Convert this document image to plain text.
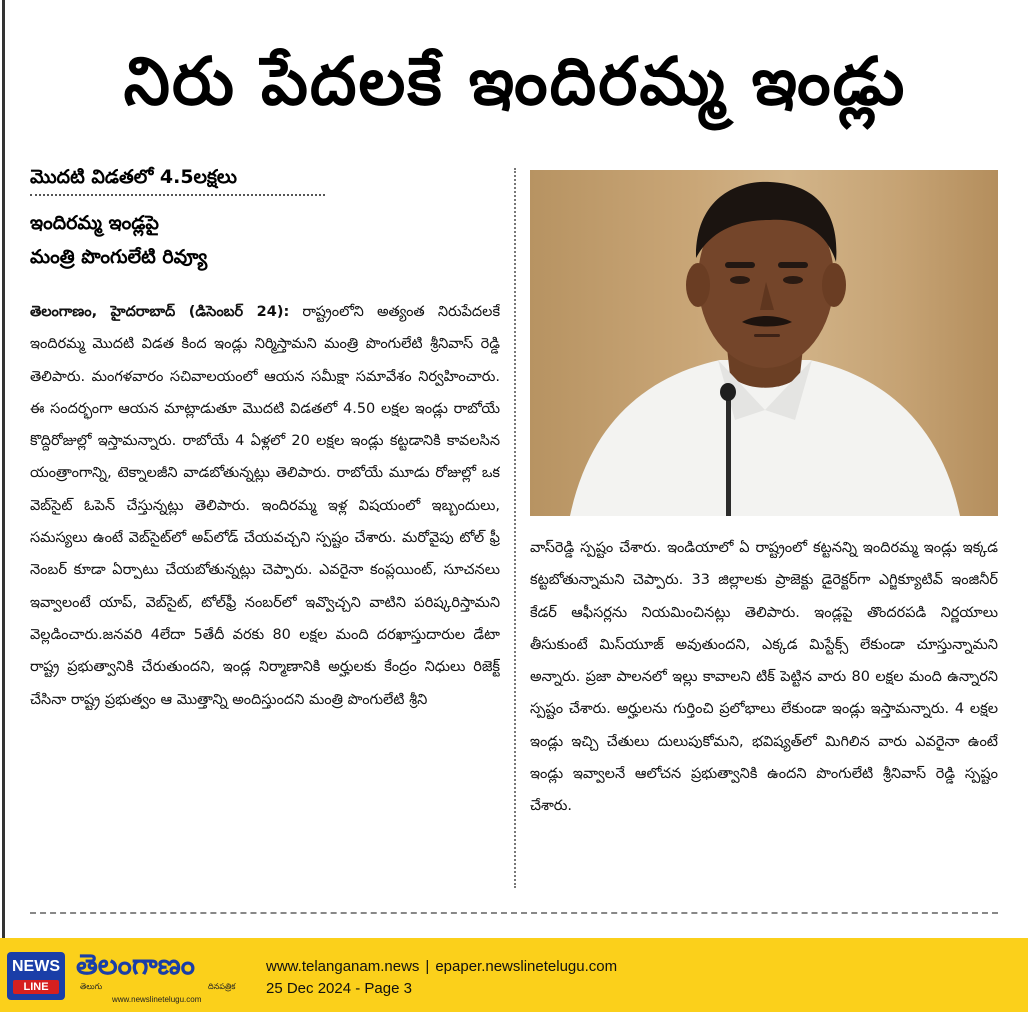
నిరు పేదలకే ఇందిరమ్మ ఇండ్లు
మొదటి విడతలో 4.5లక్షలు
ఇందిరమ్మ ఇండ్లపై
మంత్రి పొంగులేటి రివ్యూ
తెలంగాణం, హైదరాబాద్ (డిసెంబర్ 24): రాష్ట్రంలోని అత్యంత నిరుపేదలకే ఇందిరమ్మ మొదటి విడత కింద ఇండ్లు నిర్మిస్తామని మంత్రి పొంగులేటి శ్రీనివాస్ రెడ్డి తెలిపారు. మంగళవారం సచివాలయంలో ఆయన సమీక్షా సమావేశం నిర్వహించారు. ఈ సందర్భంగా ఆయన మాట్లాడుతూ మొదటి విడతలో 4.50 లక్షల ఇండ్లు రాబోయే కొద్దిరోజుల్లో ఇస్తామన్నారు. రాబోయే 4 ఏళ్లలో 20 లక్షల ఇండ్లు కట్టడానికి కావలసిన యంత్రాంగాన్ని, టెక్నాలజీని వాడబోతున్నట్లు తెలిపారు. రాబోయే మూడు రోజుల్లో ఒక వెబ్‌సైట్ ఓపెన్ చేస్తున్నట్లు తెలిపారు. ఇందిరమ్మ ఇళ్ల విషయంలో ఇబ్బందులు, సమస్యలు ఉంటే వెబ్‌సైట్‌లో అప్‌లోడ్ చేయవచ్చని స్పష్టం చేశారు. మరోవైపు టోల్ ఫ్రీ నెంబర్ కూడా ఏర్పాటు చేయబోతున్నట్లు చెప్పారు. ఎవరైనా కంప్లయింట్, సూచనలు ఇవ్వాలంటే యాప్, వెబ్‌సైట్, టోల్‌ఫ్రీ నంబర్‌లో ఇవ్వొచ్చని వాటిని పరిష్కరిస్తామని వెల్లడించారు.జనవరి 4లేదా 5తేదీ వరకు 80 లక్షల మంది దరఖాస్తుదారుల డేటా రాష్ట్ర ప్రభుత్వానికి చేరుతుందని, ఇండ్ల నిర్మాణానికి అర్హులకు కేంద్రం నిధులు రిజెక్ట్ చేసినా రాష్ట్ర ప్రభుత్వం ఆ మొత్తాన్ని అందిస్తుందని మంత్రి పొంగులేటి శ్రీని
వాస్‌రెడ్డి స్పష్టం చేశారు. ఇండియాలో ఏ రాష్ట్రంలో కట్టనన్ని ఇందిరమ్మ ఇండ్లు ఇక్కడ కట్టబోతున్నామని చెప్పారు. 33 జిల్లాలకు ప్రాజెక్టు డైరెక్టర్‌గా ఎగ్జిక్యూటివ్ ఇంజినీర్ కేడర్ ఆఫీసర్లను నియమించినట్లు తెలిపారు. ఇండ్లపై తొందరపడి నిర్ణయాలు తీసుకుంటే మిస్‌యూజ్ అవుతుందని, ఎక్కడ మిస్టేక్స్ లేకుండా చూస్తున్నామని అన్నారు. ప్రజా పాలనలో ఇల్లు కావాలని టిక్ పెట్టిన వారు 80 లక్షల మంది ఉన్నారని స్పష్టం చేశారు. అర్హులను గుర్తించి ప్రలోభాలు లేకుండా ఇండ్లు ఇస్తామన్నారు. 4 లక్షల ఇండ్లు ఇచ్చి చేతులు దులుపుకోమని, భవిష్యత్‌లో మిగిలిన వారు ఎవరైనా ఉంటే ఇండ్లు ఇవ్వాలనే ఆలోచన ప్రభుత్వానికి ఉందని పొంగులేటి శ్రీనివాస్ రెడ్డి స్పష్టం చేశారు.
NEWS
LINE
తెలంగాణం
తెలుగు	దినపత్రిక
www.newslinetelugu.com
www.telanganam.news | epaper.newslinetelugu.com
25 Dec 2024 - Page 3
